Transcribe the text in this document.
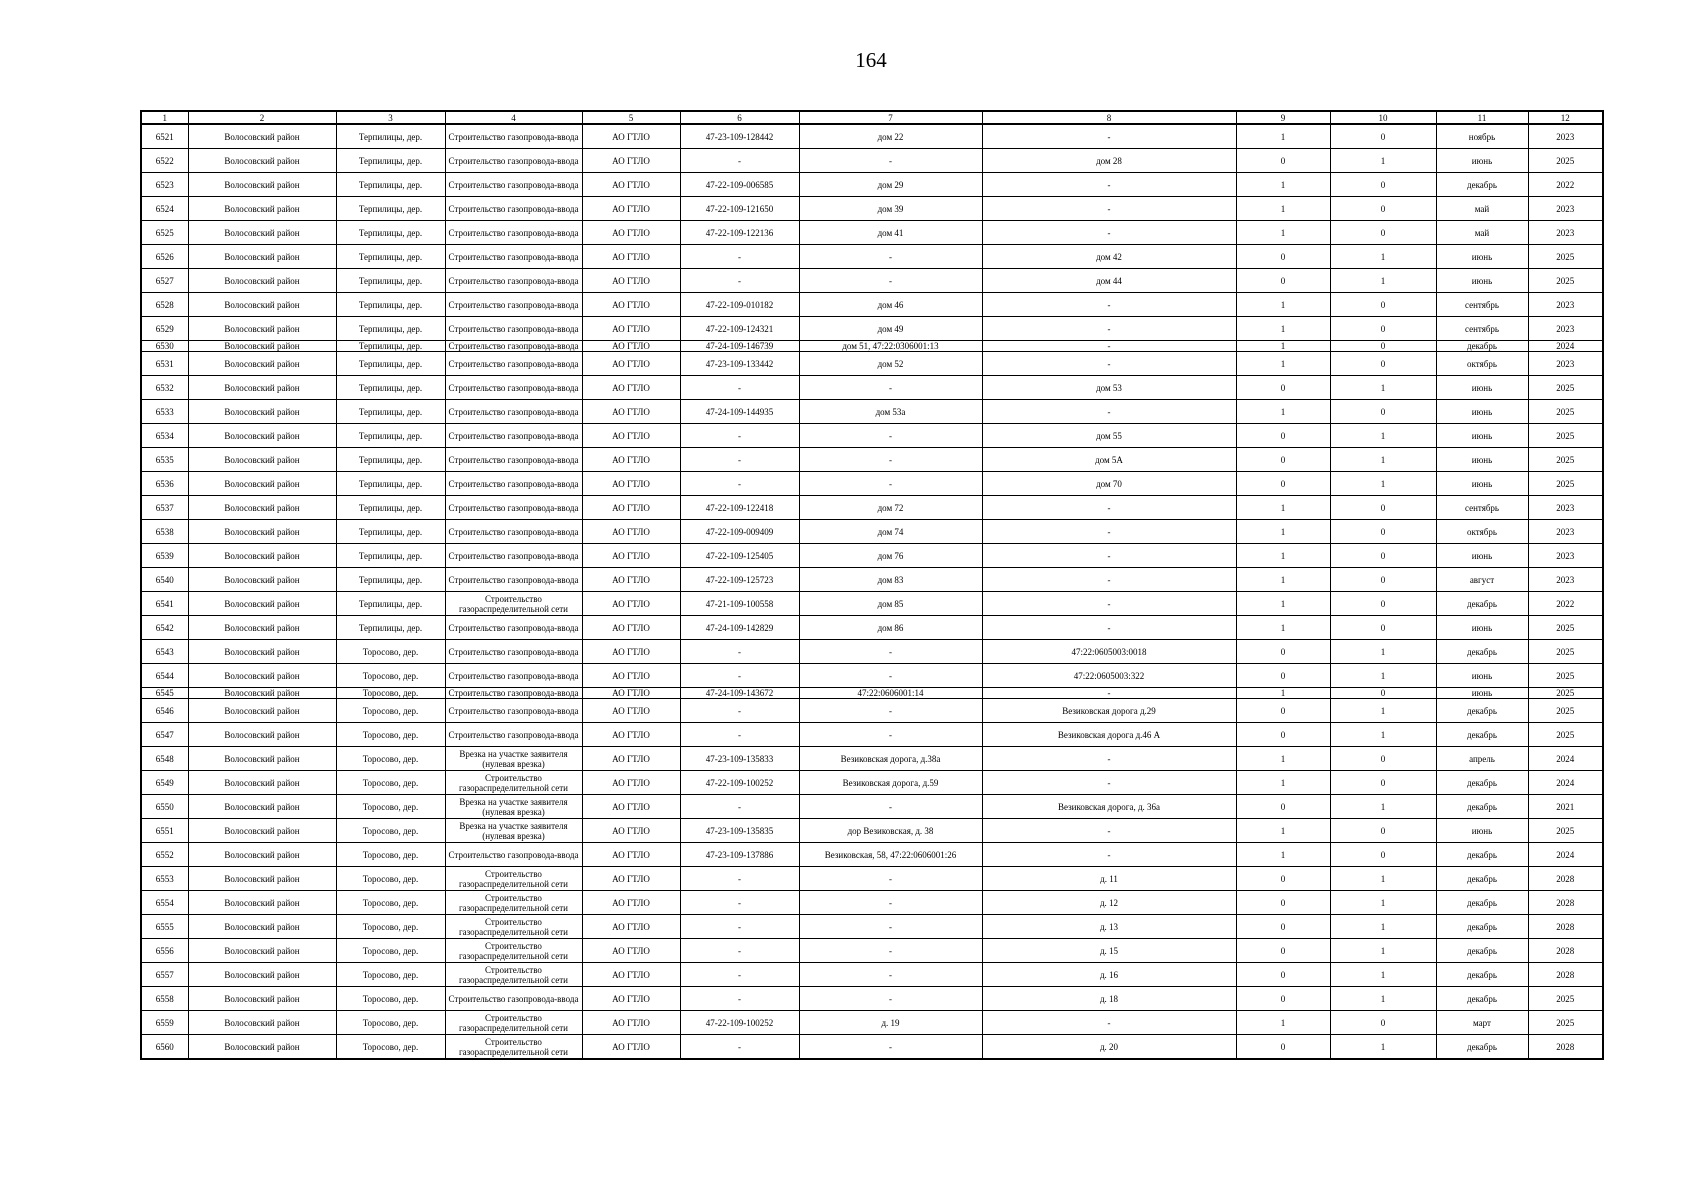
164
1	2	3	4	5	6	7	8	9	10	11	12
6521	Волосовский район	Терпилицы, дер.	Строительство газопровода-ввода	АО ГТЛО	47-23-109-128442	дом 22	-	1	0	ноябрь	2023
6522	Волосовский район	Терпилицы, дер.	Строительство газопровода-ввода	АО ГТЛО	-	-	дом 28	0	1	июнь	2025
6523	Волосовский район	Терпилицы, дер.	Строительство газопровода-ввода	АО ГТЛО	47-22-109-006585	дом 29	-	1	0	декабрь	2022
6524	Волосовский район	Терпилицы, дер.	Строительство газопровода-ввода	АО ГТЛО	47-22-109-121650	дом 39	-	1	0	май	2023
6525	Волосовский район	Терпилицы, дер.	Строительство газопровода-ввода	АО ГТЛО	47-22-109-122136	дом 41	-	1	0	май	2023
6526	Волосовский район	Терпилицы, дер.	Строительство газопровода-ввода	АО ГТЛО	-	-	дом 42	0	1	июнь	2025
6527	Волосовский район	Терпилицы, дер.	Строительство газопровода-ввода	АО ГТЛО	-	-	дом 44	0	1	июнь	2025
6528	Волосовский район	Терпилицы, дер.	Строительство газопровода-ввода	АО ГТЛО	47-22-109-010182	дом 46	-	1	0	сентябрь	2023
6529	Волосовский район	Терпилицы, дер.	Строительство газопровода-ввода	АО ГТЛО	47-22-109-124321	дом 49	-	1	0	сентябрь	2023
6530	Волосовский район	Терпилицы, дер.	Строительство газопровода-ввода	АО ГТЛО	47-24-109-146739	дом 51, 47:22:0306001:13	-	1	0	декабрь	2024
6531	Волосовский район	Терпилицы, дер.	Строительство газопровода-ввода	АО ГТЛО	47-23-109-133442	дом 52	-	1	0	октябрь	2023
6532	Волосовский район	Терпилицы, дер.	Строительство газопровода-ввода	АО ГТЛО	-	-	дом 53	0	1	июнь	2025
6533	Волосовский район	Терпилицы, дер.	Строительство газопровода-ввода	АО ГТЛО	47-24-109-144935	дом 53а	-	1	0	июнь	2025
6534	Волосовский район	Терпилицы, дер.	Строительство газопровода-ввода	АО ГТЛО	-	-	дом 55	0	1	июнь	2025
6535	Волосовский район	Терпилицы, дер.	Строительство газопровода-ввода	АО ГТЛО	-	-	дом 5А	0	1	июнь	2025
6536	Волосовский район	Терпилицы, дер.	Строительство газопровода-ввода	АО ГТЛО	-	-	дом 70	0	1	июнь	2025
6537	Волосовский район	Терпилицы, дер.	Строительство газопровода-ввода	АО ГТЛО	47-22-109-122418	дом 72	-	1	0	сентябрь	2023
6538	Волосовский район	Терпилицы, дер.	Строительство газопровода-ввода	АО ГТЛО	47-22-109-009409	дом 74	-	1	0	октябрь	2023
6539	Волосовский район	Терпилицы, дер.	Строительство газопровода-ввода	АО ГТЛО	47-22-109-125405	дом 76	-	1	0	июнь	2023
6540	Волосовский район	Терпилицы, дер.	Строительство газопровода-ввода	АО ГТЛО	47-22-109-125723	дом 83	-	1	0	август	2023
6541	Волосовский район	Терпилицы, дер.	Строительство газораспределительной сети	АО ГТЛО	47-21-109-100558	дом 85	-	1	0	декабрь	2022
6542	Волосовский район	Терпилицы, дер.	Строительство газопровода-ввода	АО ГТЛО	47-24-109-142829	дом 86	-	1	0	июнь	2025
6543	Волосовский район	Торосово, дер.	Строительство газопровода-ввода	АО ГТЛО	-	-	47:22:0605003:0018	0	1	декабрь	2025
6544	Волосовский район	Торосово, дер.	Строительство газопровода-ввода	АО ГТЛО	-	-	47:22:0605003:322	0	1	июнь	2025
6545	Волосовский район	Торосово, дер.	Строительство газопровода-ввода	АО ГТЛО	47-24-109-143672	47:22:0606001:14	-	1	0	июнь	2025
6546	Волосовский район	Торосово, дер.	Строительство газопровода-ввода	АО ГТЛО	-	-	Везиковская дорога д.29	0	1	декабрь	2025
6547	Волосовский район	Торосово, дер.	Строительство газопровода-ввода	АО ГТЛО	-	-	Везиковская дорога д.46 А	0	1	декабрь	2025
6548	Волосовский район	Торосово, дер.	Врезка на участке заявителя (нулевая врезка)	АО ГТЛО	47-23-109-135833	Везиковская дорога, д.38а	-	1	0	апрель	2024
6549	Волосовский район	Торосово, дер.	Строительство газораспределительной сети	АО ГТЛО	47-22-109-100252	Везиковская дорога, д.59	-	1	0	декабрь	2024
6550	Волосовский район	Торосово, дер.	Врезка на участке заявителя (нулевая врезка)	АО ГТЛО	-	-	Везиковская дорога, д. 36а	0	1	декабрь	2021
6551	Волосовский район	Торосово, дер.	Врезка на участке заявителя (нулевая врезка)	АО ГТЛО	47-23-109-135835	дор Везиковская, д. 38	-	1	0	июнь	2025
6552	Волосовский район	Торосово, дер.	Строительство газопровода-ввода	АО ГТЛО	47-23-109-137886	Везиковская, 58, 47:22:0606001:26	-	1	0	декабрь	2024
6553	Волосовский район	Торосово, дер.	Строительство газораспределительной сети	АО ГТЛО	-	-	д. 11	0	1	декабрь	2028
6554	Волосовский район	Торосово, дер.	Строительство газораспределительной сети	АО ГТЛО	-	-	д. 12	0	1	декабрь	2028
6555	Волосовский район	Торосово, дер.	Строительство газораспределительной сети	АО ГТЛО	-	-	д. 13	0	1	декабрь	2028
6556	Волосовский район	Торосово, дер.	Строительство газораспределительной сети	АО ГТЛО	-	-	д. 15	0	1	декабрь	2028
6557	Волосовский район	Торосово, дер.	Строительство газораспределительной сети	АО ГТЛО	-	-	д. 16	0	1	декабрь	2028
6558	Волосовский район	Торосово, дер.	Строительство газопровода-ввода	АО ГТЛО	-	-	д. 18	0	1	декабрь	2025
6559	Волосовский район	Торосово, дер.	Строительство газораспределительной сети	АО ГТЛО	47-22-109-100252	д. 19	-	1	0	март	2025
6560	Волосовский район	Торосово, дер.	Строительство газораспределительной сети	АО ГТЛО	-	-	д. 20	0	1	декабрь	2028
